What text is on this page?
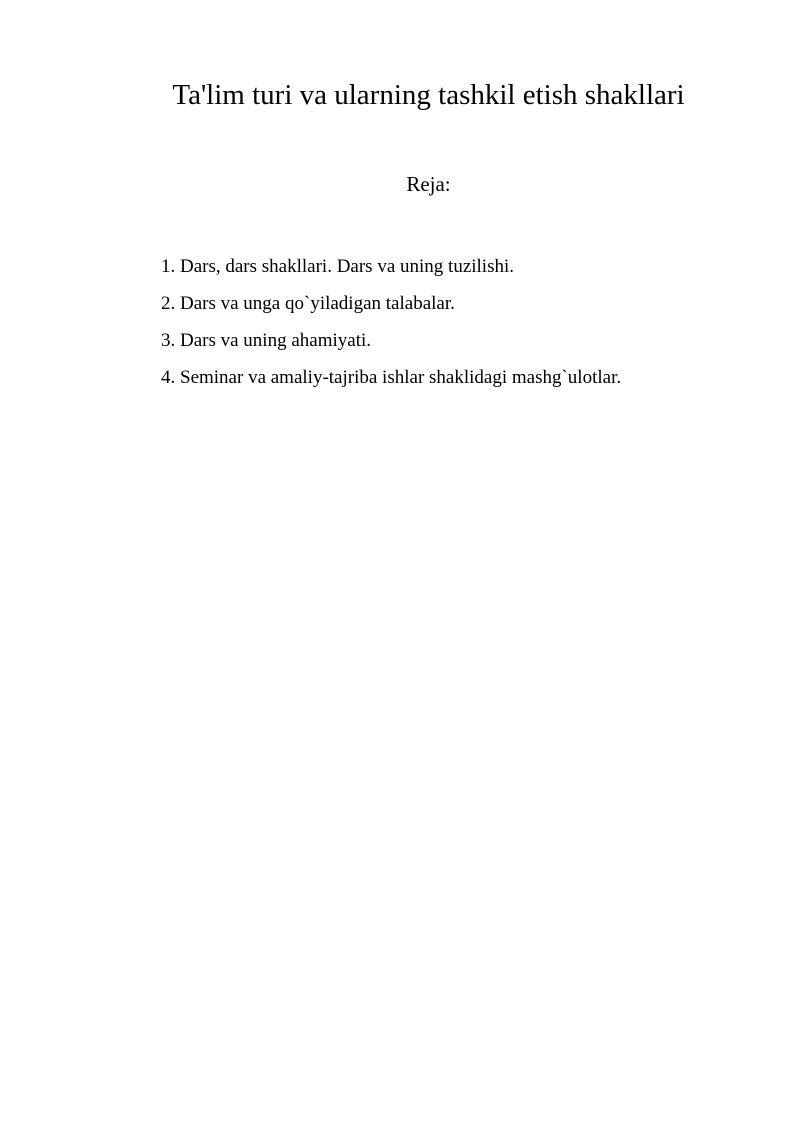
Ta'lim turi va ularning tashkil etish shakllari
Reja:
1. Dars, dars shakllari. Dars va uning tuzilishi.
2. Dars va unga qo`yiladigan talabalar.
3. Dars va uning ahamiyati.
4. Seminar va amaliy-tajriba ishlar shaklidagi mashg`ulotlar.
